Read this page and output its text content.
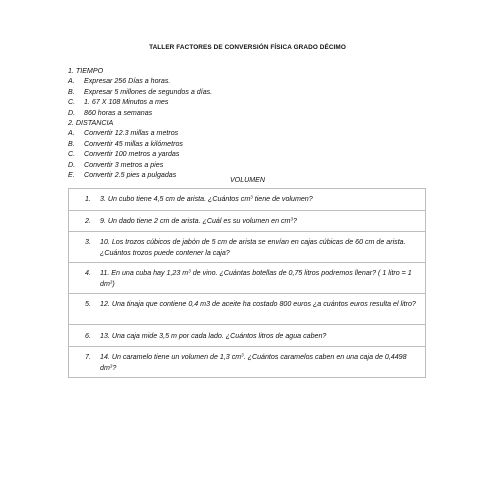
TALLER FACTORES DE CONVERSIÓN FÍSICA GRADO DÉCIMO
1. TIEMPO
A.	Expresar 256 Días a horas.
B.	Expresar 5 millones de segundos a días.
C.	1. 67 X 108 Minutos a mes
D.	860 horas a semanas
2. DISTANCIA
A.	Convertir 12.3 millas a metros
B.	Convertir 45 millas a kilómetros
C.	Convertir 100 metros a yardas
D.	Convertir 3 metros a pies
E.	Convertir 2.5 pies a pulgadas
VOLUMEN
1. 3. Un cubo tiene 4,5 cm de arista. ¿Cuántos $cm^3$ tiene de volumen?
2. 9. Un dado tiene 2 cm de arista. ¿Cuál es su volumen en $cm^3$?
3. 10. Los trozos cúbicos de jabón de 5 cm de arista se envían en cajas cúbicas de 60 cm de arista. ¿Cuántos trozos puede contener la caja?
4. 11. En una cuba hay 1,23 $m^3$ de vino. ¿Cuántas botellas de 0,75 litros podremos llenar? ( 1 litro = 1 $dm^3$)
5. 12. Una tinaja que contiene 0,4 m3 de aceite ha costado 800 euros ¿a cuántos euros resulta el litro?
6. 13. Una caja mide 3,5 m por cada lado. ¿Cuántos litros de agua caben?
7. 14. Un caramelo tiene un volumen de 1,3 $cm^3$. ¿Cuántos caramelos caben en una caja de 0,4498 $dm^3$?
